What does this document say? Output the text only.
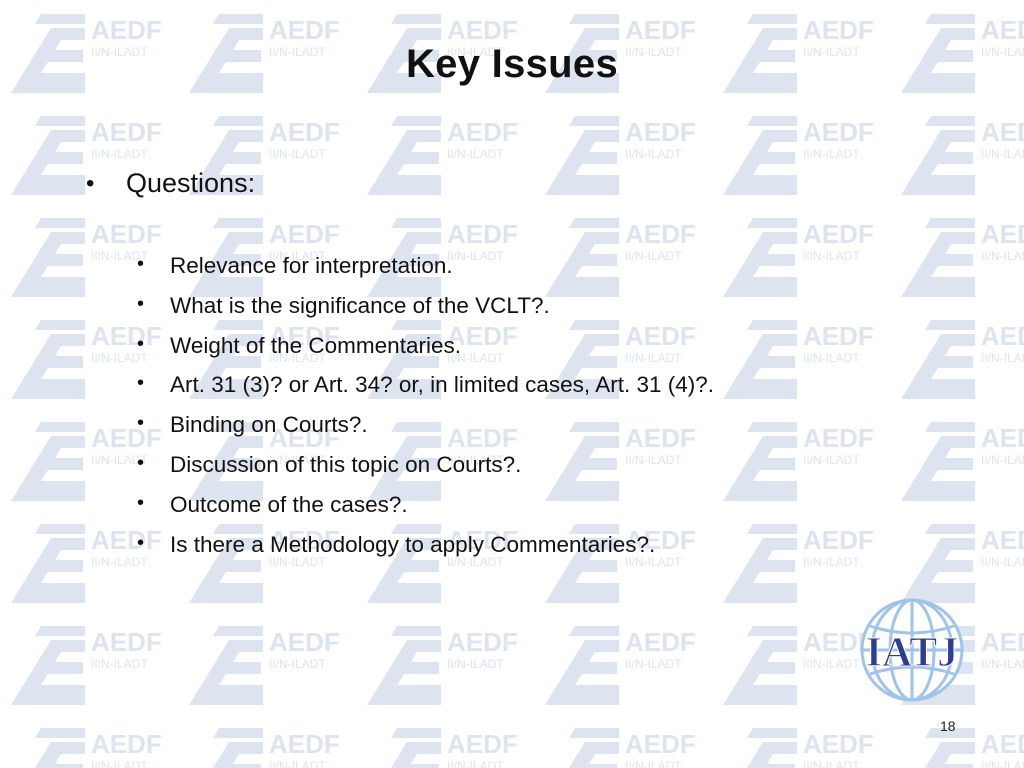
Key Issues
• Questions:
• Relevance for interpretation.
• What is the significance of the VCLT?.
• Weight of the Commentaries.
• Art. 31 (3)? or Art. 34? or, in limited cases, Art. 31 (4)?.
• Binding on Courts?.
• Discussion of this topic on Courts?.
• Outcome of the cases?.
• Is there a Methodology to apply Commentaries?.
IATJ
18
